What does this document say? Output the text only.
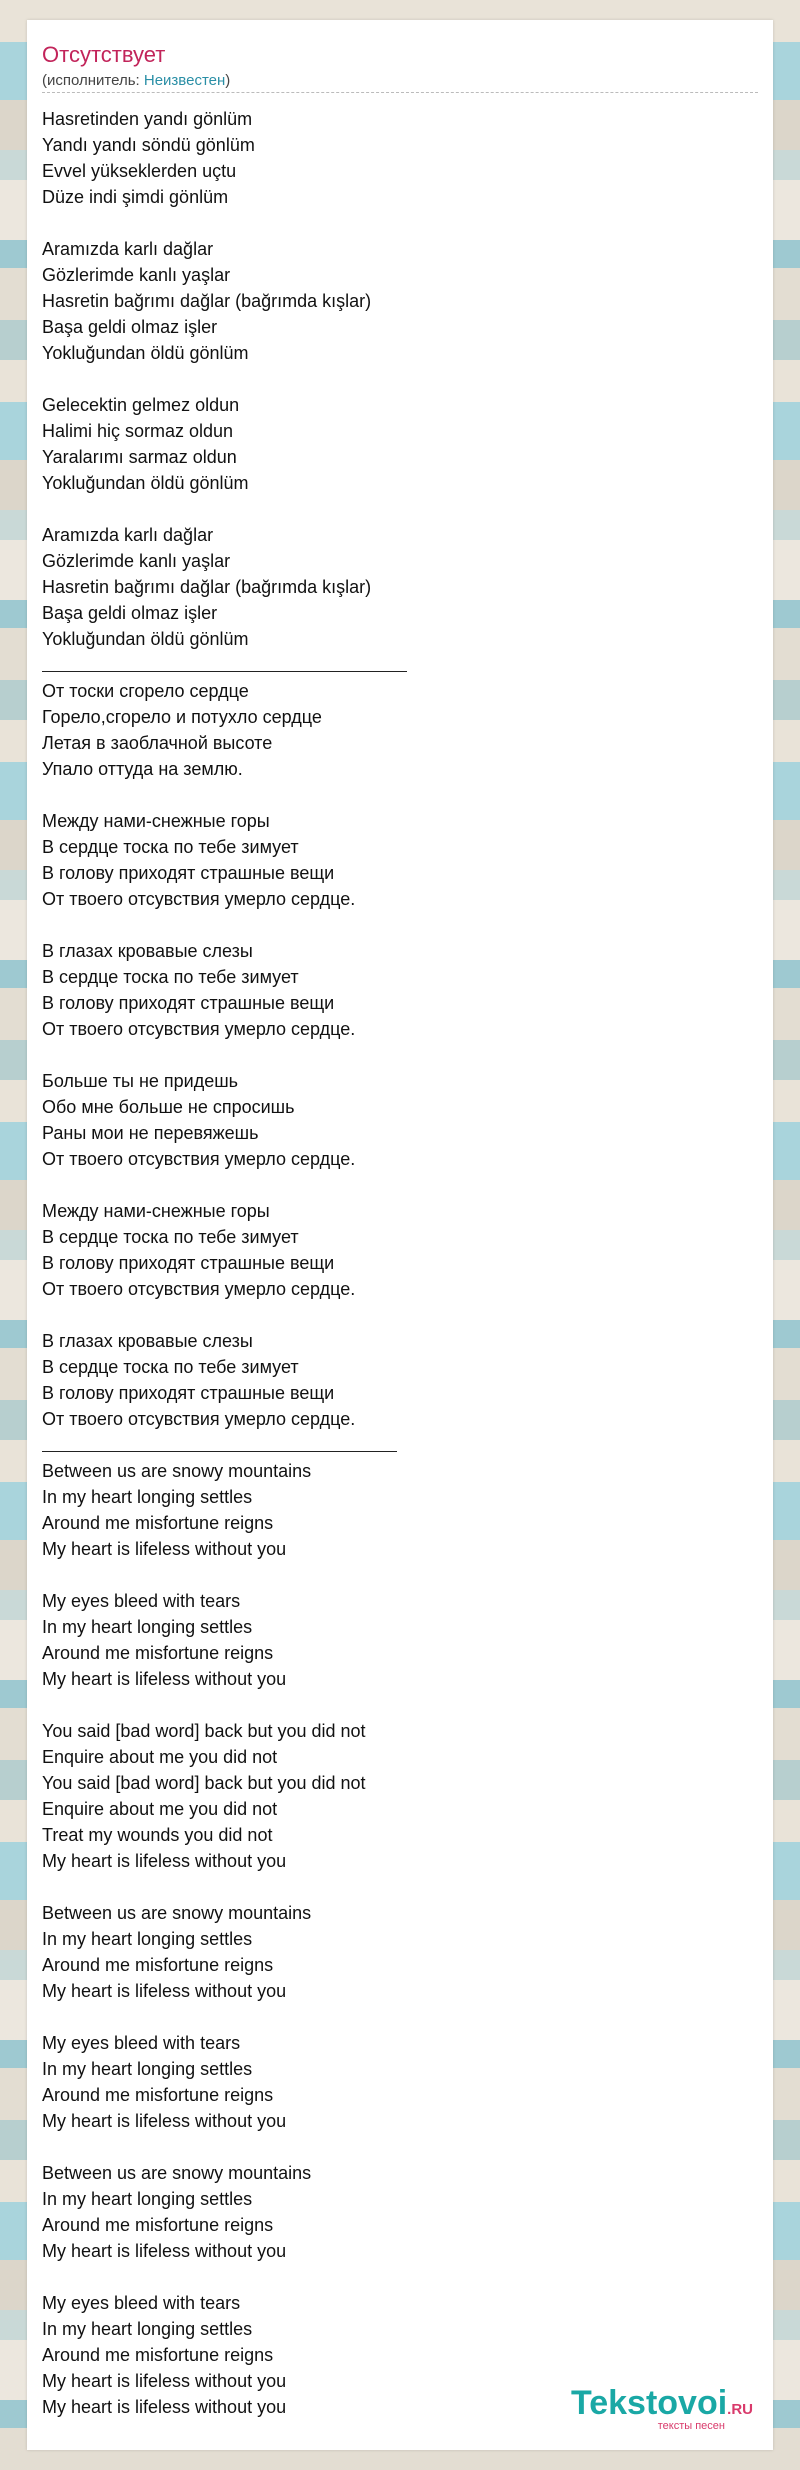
Отсутствует
(исполнитель: Неизвестен)
Hasretinden yandı gönlüm
Yandı yandı söndü gönlüm
Evvel yükseklerden uçtu
Düze indi şimdi gönlüm
Aramızda karlı dağlar
Gözlerimde kanlı yaşlar
Hasretin bağrımı dağlar (bağrımda kışlar)
Başa geldi olmaz işler
Yokluğundan öldü gönlüm
Gelecektin gelmez oldun
Halimi hiç sormaz oldun
Yaralarımı sarmaz oldun
Yokluğundan öldü gönlüm
Aramızda karlı dağlar
Gözlerimde kanlı yaşlar
Hasretin bağrımı dağlar (bağrımda kışlar)
Başa geldi olmaz işler
Yokluğundan öldü gönlüm
От тоски сгорело сердце
Горело,сгорело и потухло сердце
Летая в заоблачной высоте
Упало оттуда на землю.
Между нами-снежные горы
В сердце тоска по тебе зимует
В голову приходят страшные вещи
От твоего отсувствия умерло сердце.
В глазах кровавые слезы
В сердце тоска по тебе зимует
В голову приходят страшные вещи
От твоего отсувствия умерло сердце.
Больше ты не придешь
Обо мне больше не спросишь
Раны мои не перевяжешь
От твоего отсувствия умерло сердце.
Между нами-снежные горы
В сердце тоска по тебе зимует
В голову приходят страшные вещи
От твоего отсувствия умерло сердце.
В глазах кровавые слезы
В сердце тоска по тебе зимует
В голову приходят страшные вещи
От твоего отсувствия умерло сердце.
Between us are snowy mountains
In my heart longing settles
Around me misfortune reigns
My heart is lifeless without you
My eyes bleed with tears
In my heart longing settles
Around me misfortune reigns
My heart is lifeless without you
You said [bad word] back but you did not
Enquire about me you did not
You said [bad word] back but you did not
Enquire about me you did not
Treat my wounds you did not
My heart is lifeless without you
Between us are snowy mountains
In my heart longing settles
Around me misfortune reigns
My heart is lifeless without you
My eyes bleed with tears
In my heart longing settles
Around me misfortune reigns
My heart is lifeless without you
Between us are snowy mountains
In my heart longing settles
Around me misfortune reigns
My heart is lifeless without you
My eyes bleed with tears
In my heart longing settles
Around me misfortune reigns
My heart is lifeless without you
My heart is lifeless without you	Tekstovoi.RU
тексты песен
